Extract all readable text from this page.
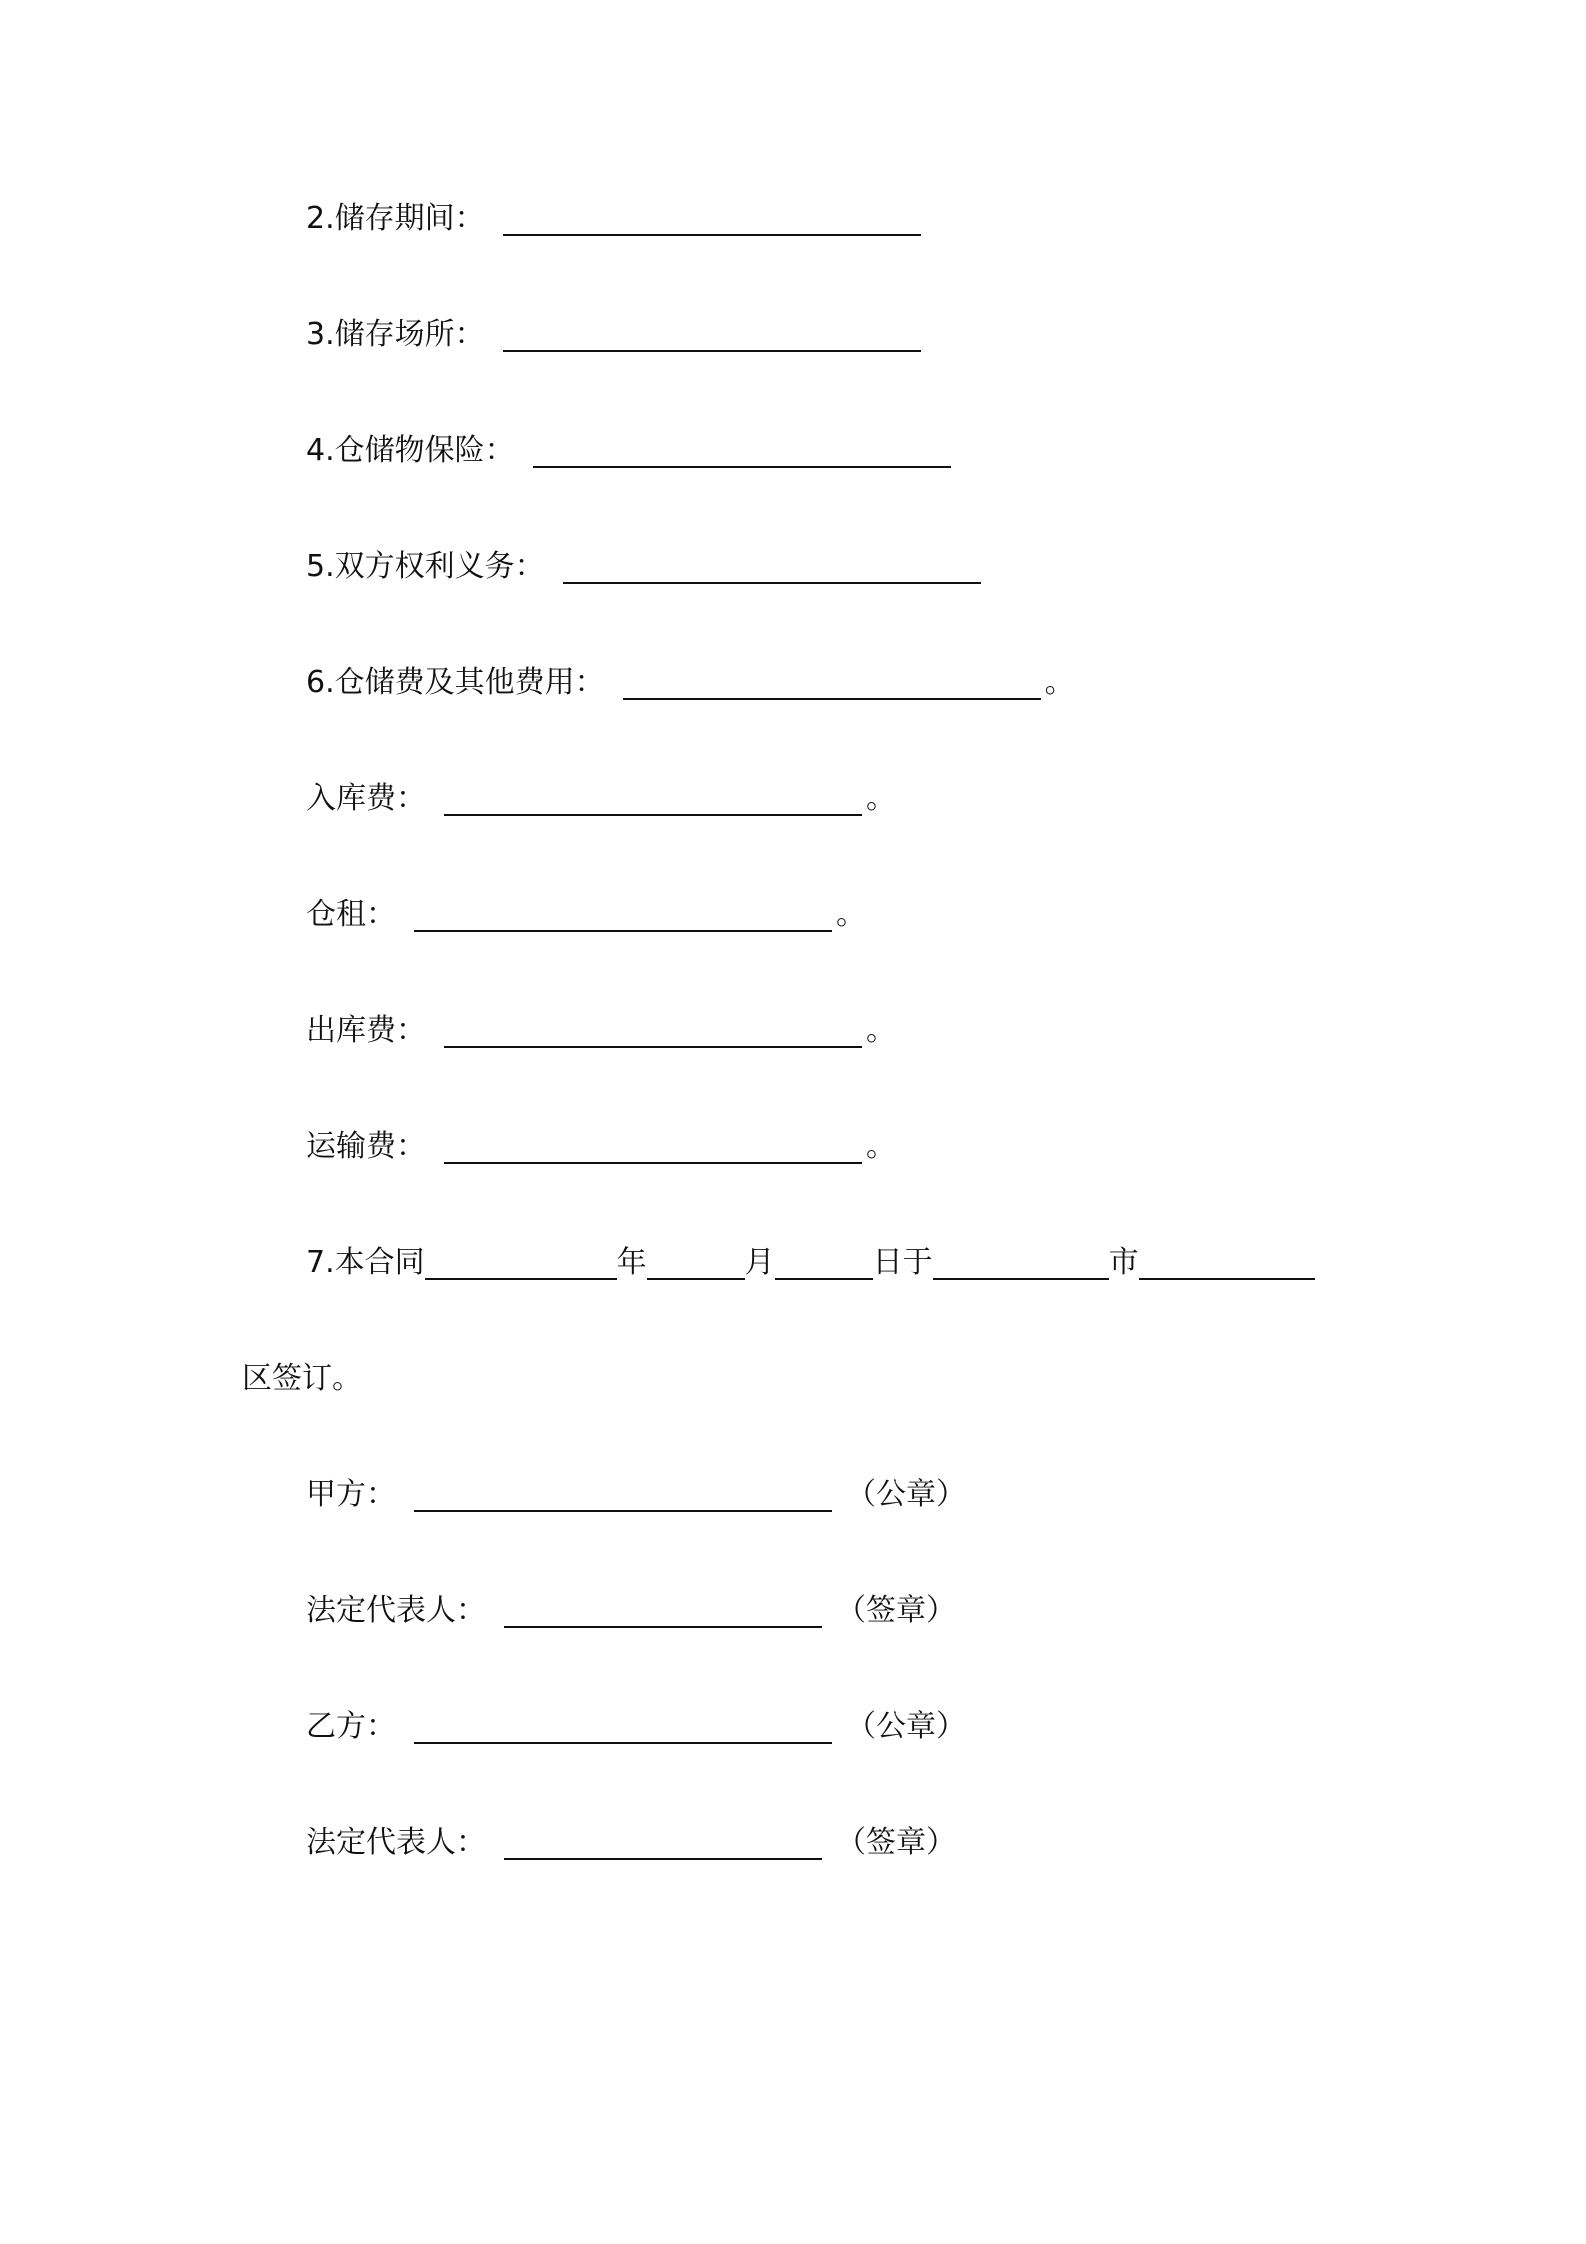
2.储存期间：
3.储存场所：
4.仓储物保险：
5.双方权利义务：
6.仓储费及其他费用：	。
入库费：	。
仓租：	。
出库费：	。
运输费：	。
7.本合同	年	月	日于	市
区签订。
甲方：	（公章）
法定代表人：	（签章）
乙方：	（公章）
法定代表人：	（签章）
